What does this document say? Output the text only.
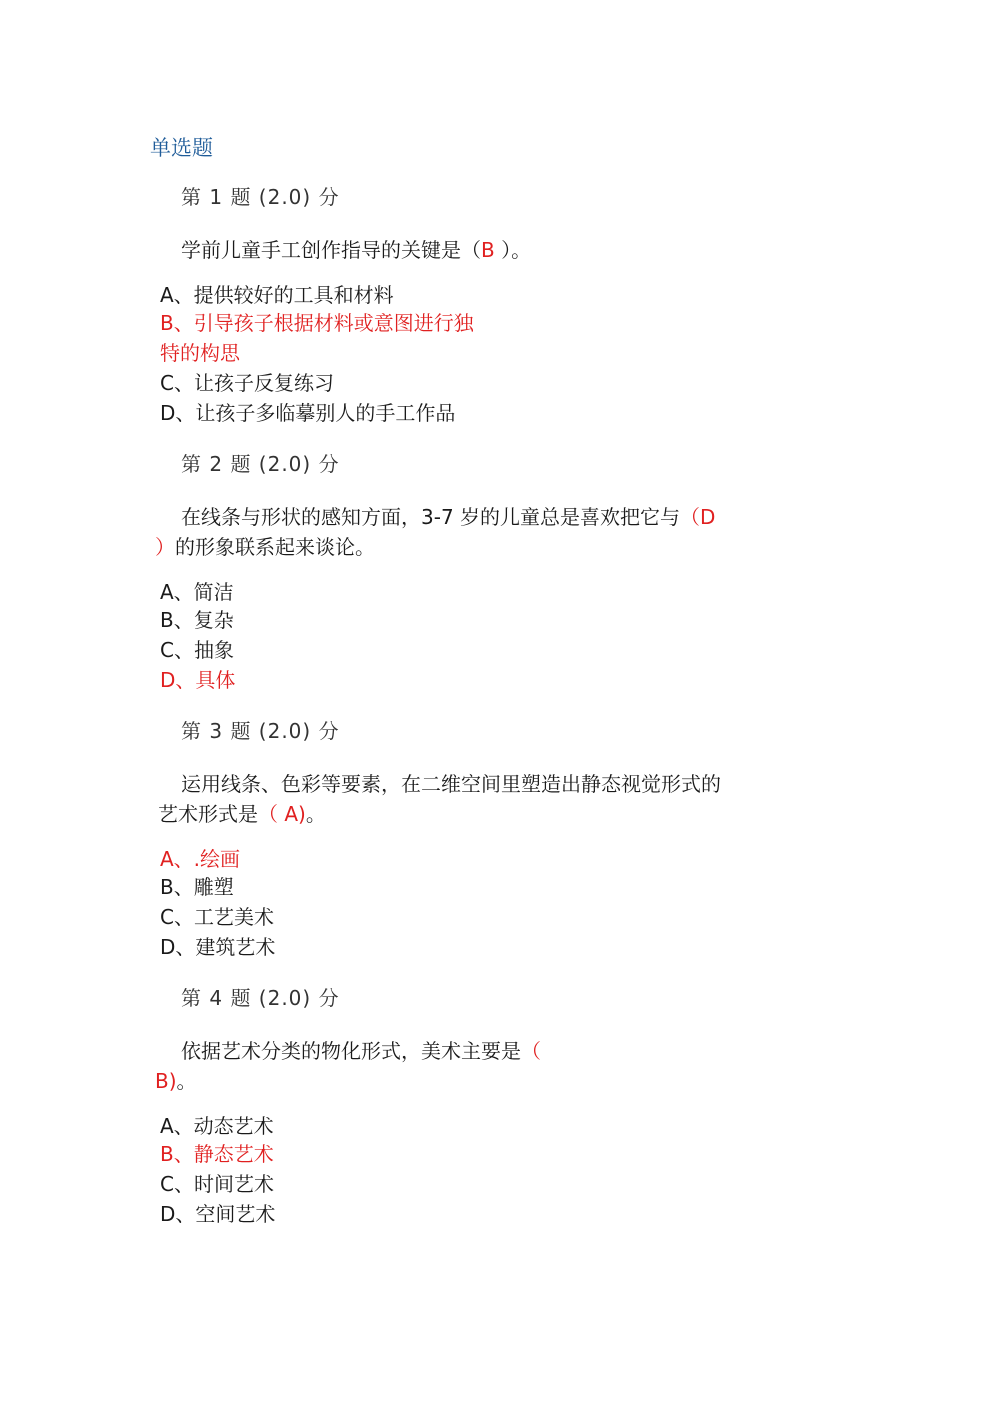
单选题
第 1 题 (2.0) 分
学前儿童手工创作指导的关键是（B ）。
A、提供较好的工具和材料
B、引导孩子根据材料或意图进行独
特的构思
C、让孩子反复练习
D、让孩子多临摹别人的手工作品
第 2 题 (2.0) 分
在线条与形状的感知方面，3-7 岁的儿童总是喜欢把它与（D
）的形象联系起来谈论。
A、简洁
B、复杂
C、抽象
D、具体
第 3 题 (2.0) 分
运用线条、色彩等要素，在二维空间里塑造出静态视觉形式的
艺术形式是（ A)。
A、.绘画
B、雕塑
C、工艺美术
D、建筑艺术
第 4 题 (2.0) 分
依据艺术分类的物化形式，美术主要是（
B)。
A、动态艺术
B、静态艺术
C、时间艺术
D、空间艺术
